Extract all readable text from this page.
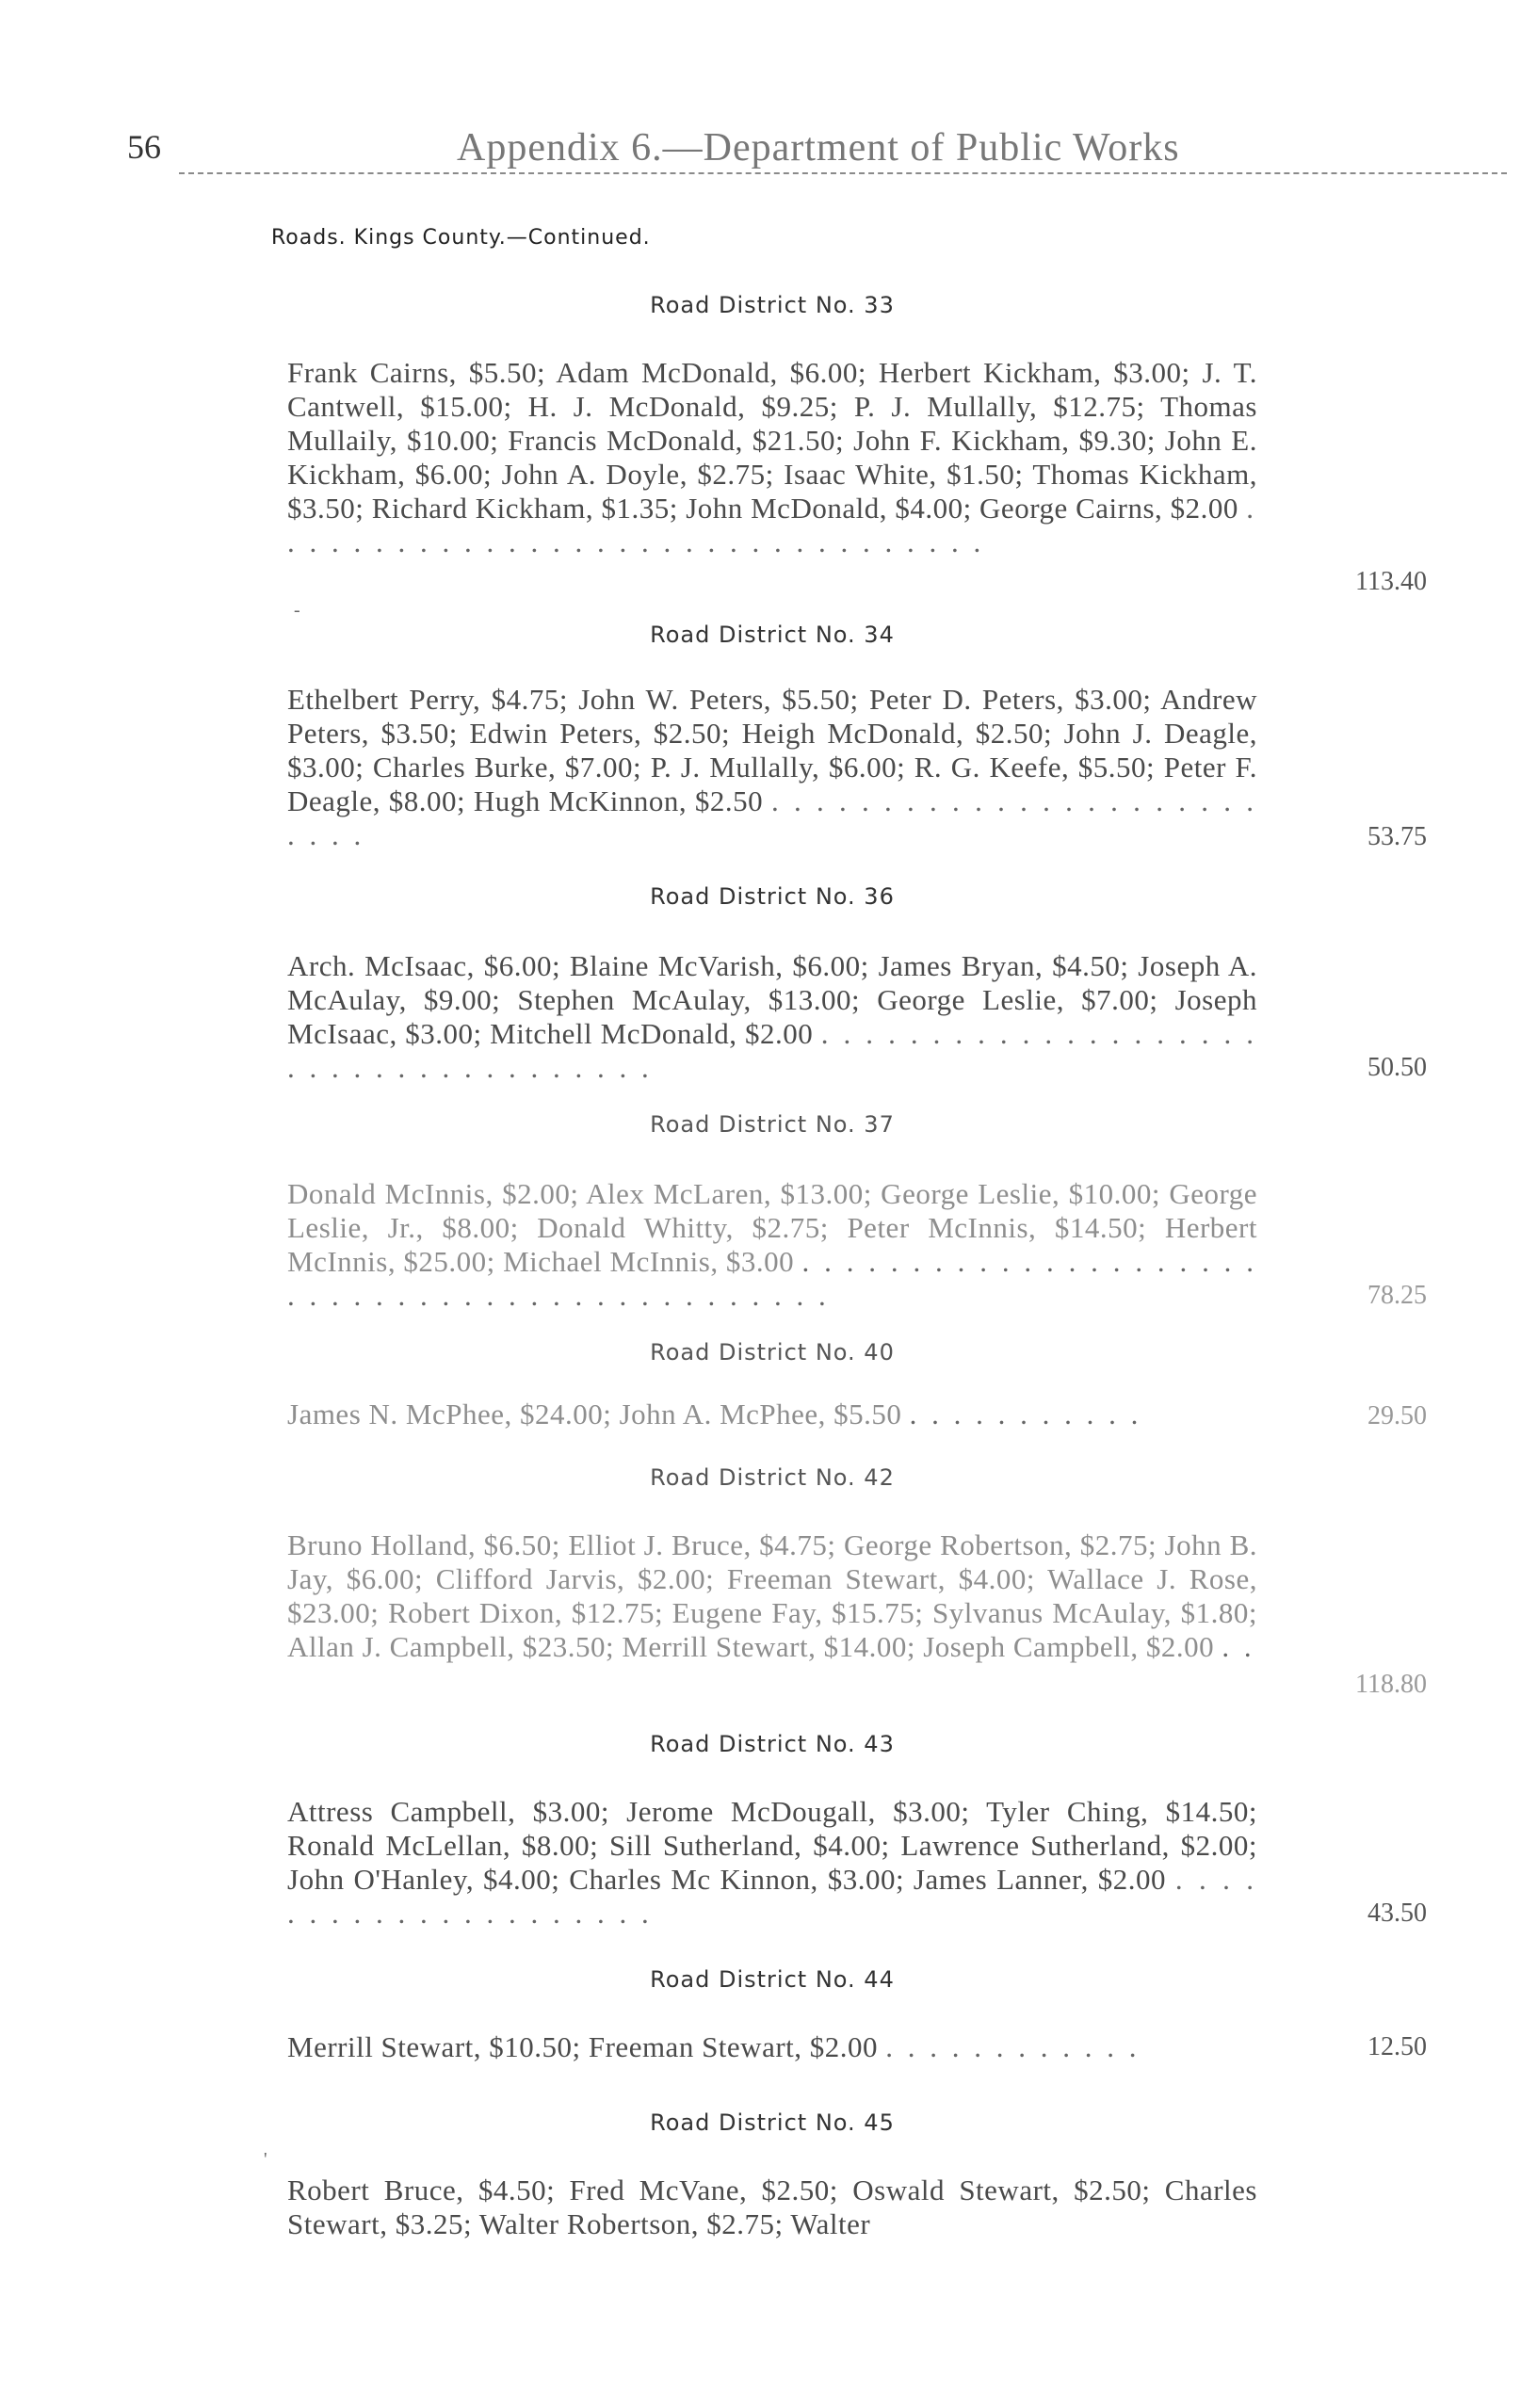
56	Appendix 6.—Department of Public Works
Roads. Kings County.—Continued.
Road District No. 33
Frank Cairns, $5.50; Adam McDonald, $6.00; Herbert Kickham, $3.00; J. T. Cantwell, $15.00; H. J. McDonald, $9.25; P. J. Mullally, $12.75; Thomas Mullaily, $10.00; Francis McDonald, $21.50; John F. Kickham, $9.30; John E. Kickham, $6.00; John A. Doyle, $2.75; Isaac White, $1.50; Thomas Kickham, $3.50; Richard Kickham, $1.35; John McDonald, $4.00; George Cairns, $2.00 . . . . . . . . . . . . . . . . . . . . . . . . . . . . . . . . .
113.40
-
Road District No. 34
Ethelbert Perry, $4.75; John W. Peters, $5.50; Peter D. Peters, $3.00; Andrew Peters, $3.50; Edwin Peters, $2.50; Heigh McDonald, $2.50; John J. Deagle, $3.00; Charles Burke, $7.00; P. J. Mullally, $6.00; R. G. Keefe, $5.50; Peter F. Deagle, $8.00; Hugh McKinnon, $2.50 . . . . . . . . . . . . . . . . . . . . . . . . . .	53.75
Road District No. 36
Arch. McIsaac, $6.00; Blaine McVarish, $6.00; James Bryan, $4.50; Joseph A. McAulay, $9.00; Stephen McAulay, $13.00; George Leslie, $7.00; Joseph McIsaac, $3.00; Mitchell McDonald, $2.00 . . . . . . . . . . . . . . . . . . . . . . . . . . . . . . . . . . . . .	50.50
Road District No. 37
Donald McInnis, $2.00; Alex McLaren, $13.00; George Leslie, $10.00; George Leslie, Jr., $8.00; Donald Whitty, $2.75; Peter McInnis, $14.50; Herbert McInnis, $25.00; Michael McInnis, $3.00 . . . . . . . . . . . . . . . . . . . . . . . . . . . . . . . . . . . . . . . . . . . . . .	78.25
Road District No. 40
James N. McPhee, $24.00; John A. McPhee, $5.50 . . . . . . . . . . .	29.50
Road District No. 42
Bruno Holland, $6.50; Elliot J. Bruce, $4.75; George Robertson, $2.75; John B. Jay, $6.00; Clifford Jarvis, $2.00; Freeman Stewart, $4.00; Wallace J. Rose, $23.00; Robert Dixon, $12.75; Eugene Fay, $15.75; Sylvanus McAulay, $1.80; Allan J. Campbell, $23.50; Merrill Stewart, $14.00; Joseph Campbell, $2.00 . .
118.80
Road District No. 43
Attress Campbell, $3.00; Jerome McDougall, $3.00; Tyler Ching, $14.50; Ronald McLellan, $8.00; Sill Sutherland, $4.00; Lawrence Sutherland, $2.00; John O'Hanley, $4.00; Charles Mc Kinnon, $3.00; James Lanner, $2.00 . . . . . . . . . . . . . . . . . . . . .	43.50
Road District No. 44
Merrill Stewart, $10.50; Freeman Stewart, $2.00 . . . . . . . . . . . .	12.50
'
Road District No. 45
Robert Bruce, $4.50; Fred McVane, $2.50; Oswald Stewart, $2.50; Charles Stewart, $3.25; Walter Robertson, $2.75; Walter
